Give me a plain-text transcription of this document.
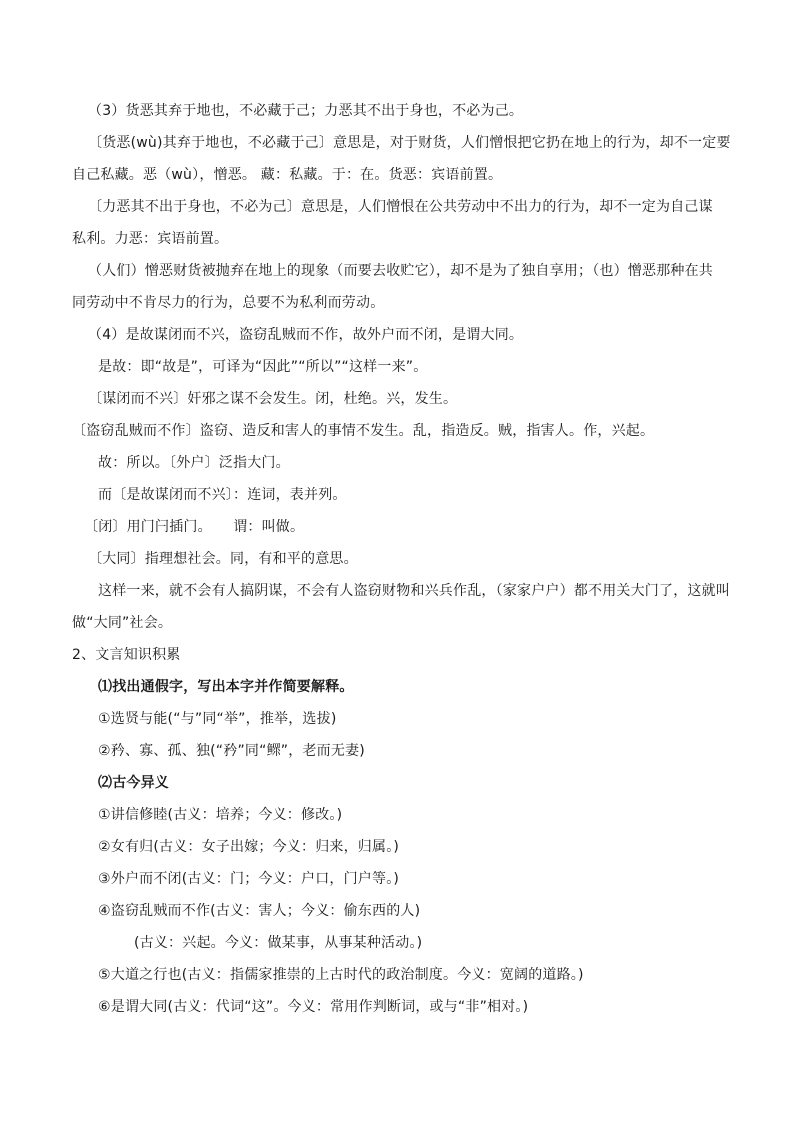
（3）货恶其弃于地也，不必藏于己；力恶其不出于身也，不必为己。
〔货恶(wù)其弃于地也，不必藏于己〕意思是，对于财货，人们憎恨把它扔在地上的行为，却不一定要
自己私藏。恶（wù），憎恶。 藏：私藏。于：在。货恶：宾语前置。
〔力恶其不出于身也，不必为己〕意思是，人们憎恨在公共劳动中不出力的行为，却不一定为自己谋
私利。力恶：宾语前置。
（人们）憎恶财货被抛弃在地上的现象（而要去收贮它），却不是为了独自享用；（也）憎恶那种在共
同劳动中不肯尽力的行为，总要不为私利而劳动。
（4）是故谋闭而不兴，盗窃乱贼而不作，故外户而不闭，是谓大同。
是故：即“故是”，可译为“因此”“所以”“这样一来”。
〔谋闭而不兴〕奸邪之谋不会发生。闭，杜绝。兴，发生。
〔盗窃乱贼而不作〕盗窃、造反和害人的事情不发生。乱，指造反。贼，指害人。作，兴起。
故：所以。〔外户〕泛指大门。
而〔是故谋闭而不兴〕：连词，表并列。
〔闭〕用门闩插门。　　谓：叫做。
〔大同〕指理想社会。同，有和平的意思。
这样一来，就不会有人搞阴谋，不会有人盗窃财物和兴兵作乱，（家家户户）都不用关大门了，这就叫
做“大同”社会。
2、文言知识积累
⑴找出通假字，写出本字并作简要解释。
①选贤与能(“与”同“举”，推举，选拔)
②矜、寡、孤、独(“矜”同“鳏”，老而无妻)
⑵古今异义
①讲信修睦(古义：培养；今义：修改。)
②女有归(古义：女子出嫁；今义：归来，归属。)
③外户而不闭(古义：门；今义：户口，门户等。)
④盗窃乱贼而不作(古义：害人；今义：偷东西的人)
(古义：兴起。今义：做某事，从事某种活动。)
⑤大道之行也(古义：指儒家推崇的上古时代的政治制度。今义：宽阔的道路。)
⑥是谓大同(古义：代词“这”。今义：常用作判断词，或与“非”相对。)
